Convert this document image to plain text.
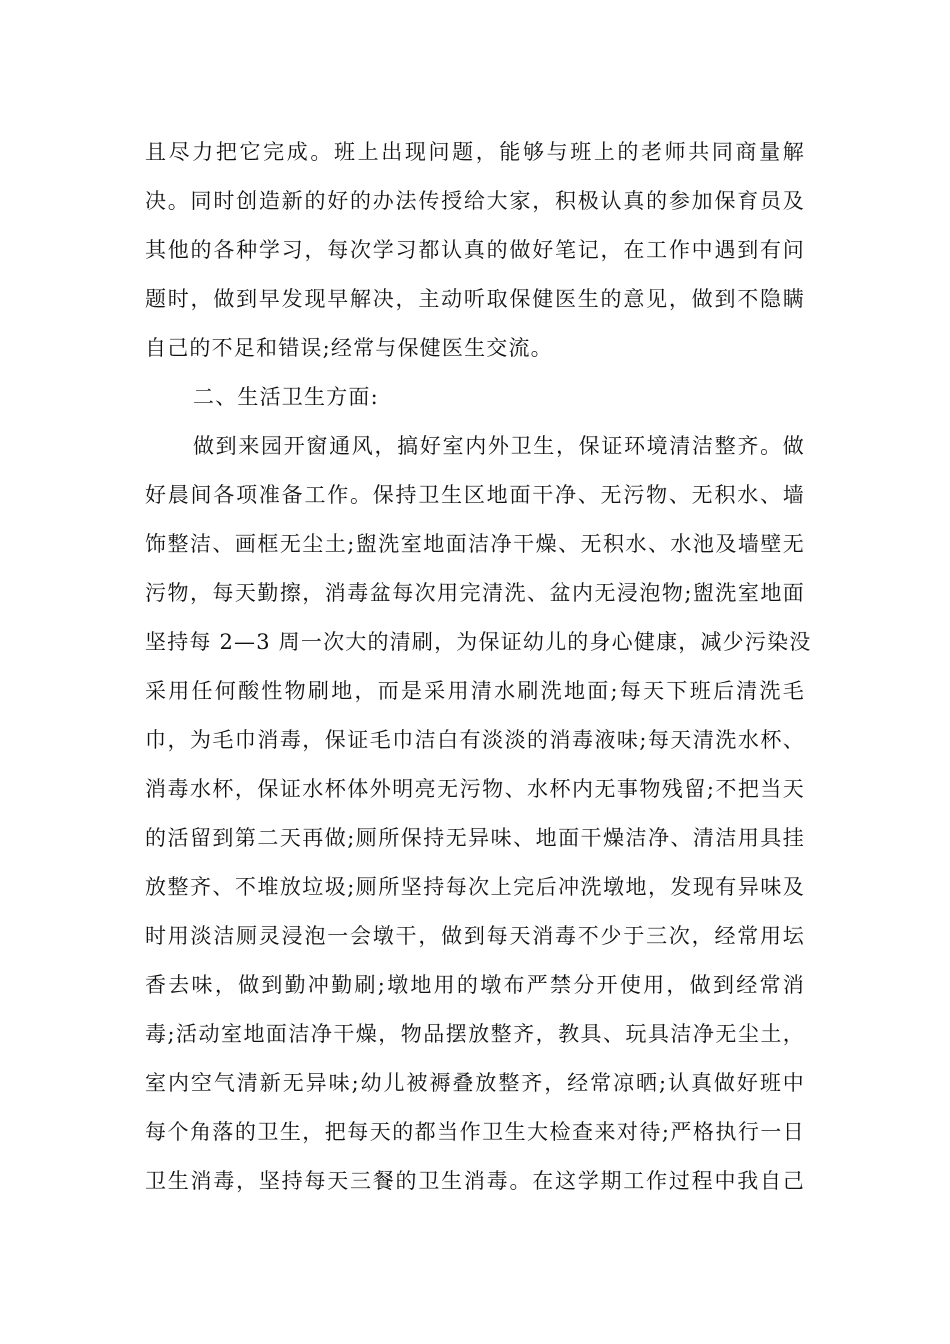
且尽力把它完成。班上出现问题，能够与班上的老师共同商量解
决。同时创造新的好的办法传授给大家，积极认真的参加保育员及
其他的各种学习，每次学习都认真的做好笔记，在工作中遇到有问
题时，做到早发现早解决，主动听取保健医生的意见，做到不隐瞒
自己的不足和错误;经常与保健医生交流。
二、生活卫生方面:
做到来园开窗通风，搞好室内外卫生，保证环境清洁整齐。做
好晨间各项准备工作。保持卫生区地面干净、无污物、无积水、墙
饰整洁、画框无尘土;盥洗室地面洁净干燥、无积水、水池及墙壁无
污物，每天勤擦，消毒盆每次用完清洗、盆内无浸泡物;盥洗室地面
坚持每 2—3 周一次大的清刷，为保证幼儿的身心健康，减少污染没
采用任何酸性物刷地，而是采用清水刷洗地面;每天下班后清洗毛
巾，为毛巾消毒，保证毛巾洁白有淡淡的消毒液味;每天清洗水杯、
消毒水杯，保证水杯体外明亮无污物、水杯内无事物残留;不把当天
的活留到第二天再做;厕所保持无异味、地面干燥洁净、清洁用具挂
放整齐、不堆放垃圾;厕所坚持每次上完后冲洗墩地，发现有异味及
时用淡洁厕灵浸泡一会墩干，做到每天消毒不少于三次，经常用坛
香去味，做到勤冲勤刷;墩地用的墩布严禁分开使用，做到经常消
毒;活动室地面洁净干燥，物品摆放整齐，教具、玩具洁净无尘土，
室内空气清新无异味;幼儿被褥叠放整齐，经常凉晒;认真做好班中
每个角落的卫生，把每天的都当作卫生大检查来对待;严格执行一日
卫生消毒，坚持每天三餐的卫生消毒。在这学期工作过程中我自己
